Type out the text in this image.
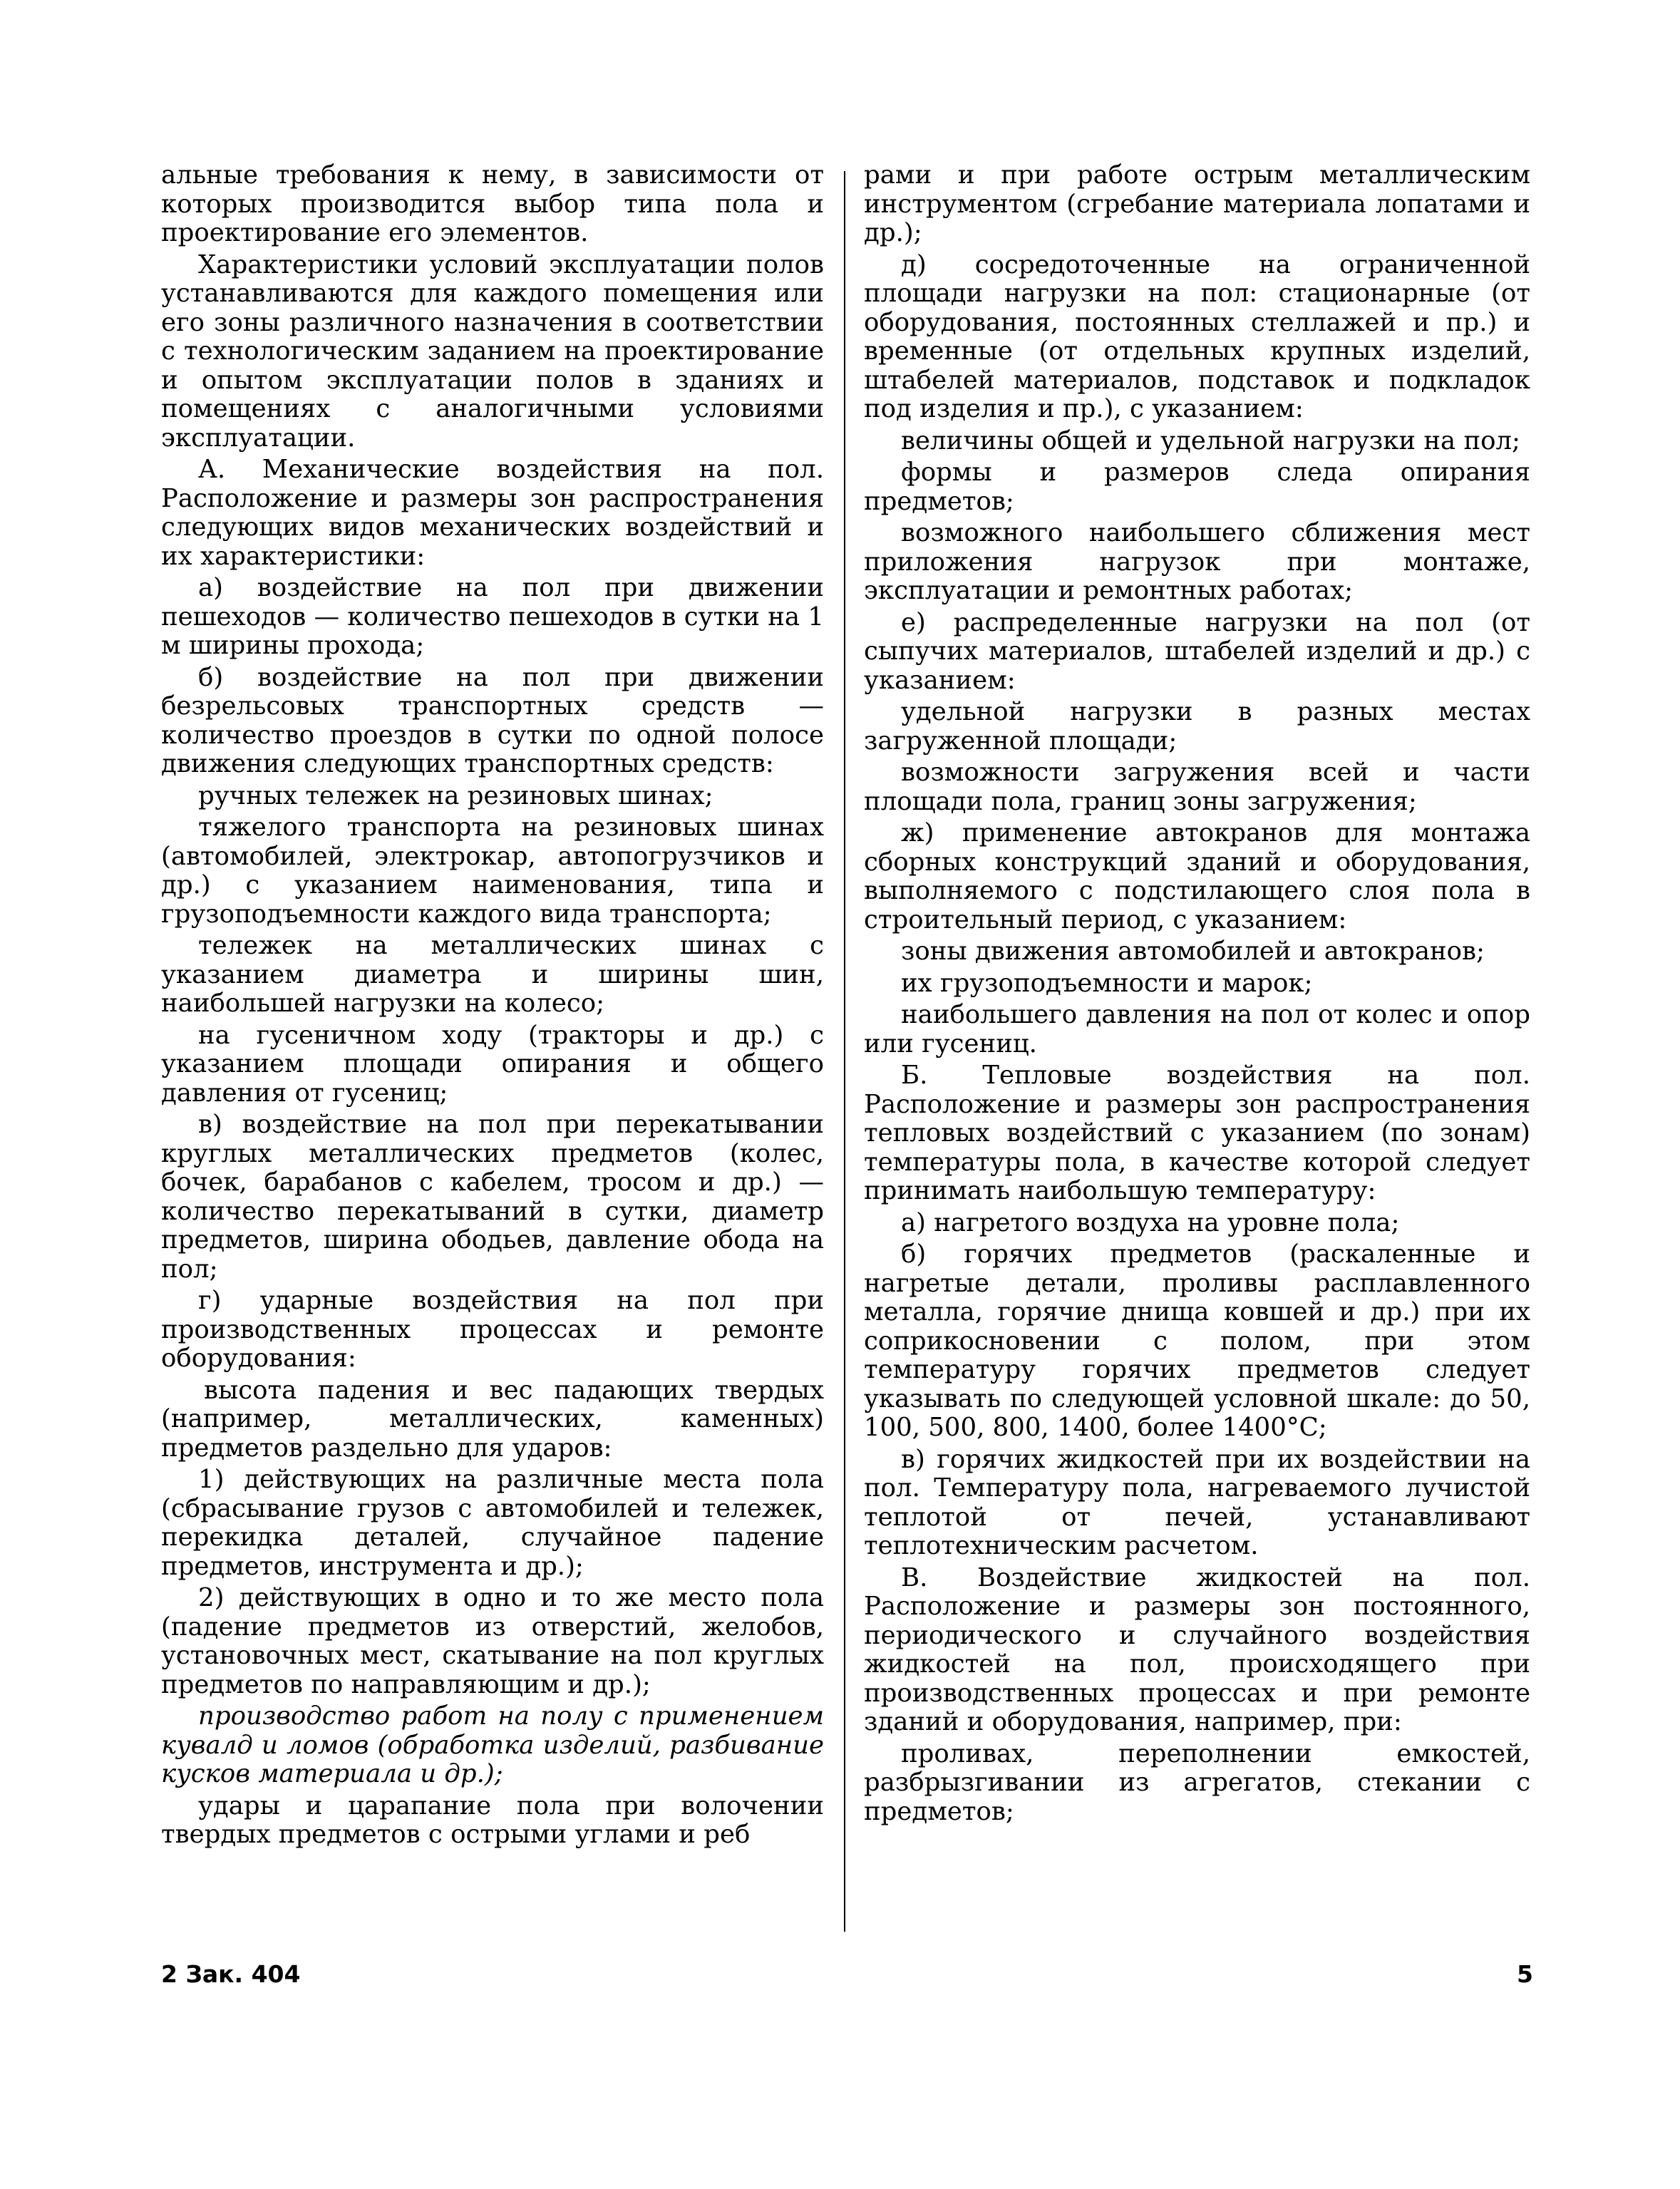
альные требования к нему, в зависимости от которых производится выбор типа пола и проектирование его элементов.

Характеристики условий эксплуатации полов устанавливаются для каждого помещения или его зоны различного назначения в соответствии с технологическим заданием на проектирование и опытом эксплуатации полов в зданиях и помещениях с аналогичными условиями эксплуатации.

А. Механические воздействия на пол. Расположение и размеры зон распространения следующих видов механических воздействий и их характеристики:

а) воздействие на пол при движении пешеходов — количество пешеходов в сутки на 1 м ширины прохода;

б) воздействие на пол при движении безрельсовых транспортных средств — количество проездов в сутки по одной полосе движения следующих транспортных средств:

ручных тележек на резиновых шинах;

тяжелого транспорта на резиновых шинах (автомобилей, электрокар, автопогрузчиков и др.) с указанием наименования, типа и грузоподъемности каждого вида транспорта;

тележек на металлических шинах с указанием диаметра и ширины шин, наибольшей нагрузки на колесо;

на гусеничном ходу (тракторы и др.) с указанием площади опирания и общего давления от гусениц;

в) воздействие на пол при перекатывании круглых металлических предметов (колес, бочек, барабанов с кабелем, тросом и др.) — количество перекатываний в сутки, диаметр предметов, ширина ободьев, давление обода на пол;

г) ударные воздействия на пол при производственных процессах и ремонте оборудования:

высота падения и вес падающих твердых (например, металлических, каменных) предметов раздельно для ударов:

1) действующих на различные места пола (сбрасывание грузов с автомобилей и тележек, перекидка деталей, случайное падение предметов, инструмента и др.);

2) действующих в одно и то же место пола (падение предметов из отверстий, желобов, установочных мест, скатывание на пол круглых предметов по направляющим и др.);

производство работ на полу с применением кувалд и ломов (обработка изделий, разбивание кусков материала и др.);

удары и царапание пола при волочении твердых предметов с острыми углами и реб

рами и при работе острым металлическим инструментом (сгребание материала лопатами и др.);

д) сосредоточенные на ограниченной площади нагрузки на пол: стационарные (от оборудования, постоянных стеллажей и пр.) и временные (от отдельных крупных изделий, штабелей материалов, подставок и подкладок под изделия и пр.), с указанием:

величины общей и удельной нагрузки на пол;

формы и размеров следа опирания предметов;

возможного наибольшего сближения мест приложения нагрузок при монтаже, эксплуатации и ремонтных работах;

е) распределенные нагрузки на пол (от сыпучих материалов, штабелей изделий и др.) с указанием:

удельной нагрузки в разных местах загруженной площади;

возможности загружения всей и части площади пола, границ зоны загружения;

ж) применение автокранов для монтажа сборных конструкций зданий и оборудования, выполняемого с подстилающего слоя пола в строительный период, с указанием:

зоны движения автомобилей и автокранов;

их грузоподъемности и марок;

наибольшего давления на пол от колес и опор или гусениц.

Б. Тепловые воздействия на пол. Расположение и размеры зон распространения тепловых воздействий с указанием (по зонам) температуры пола, в качестве которой следует принимать наибольшую температуру:

а) нагретого воздуха на уровне пола;

б) горячих предметов (раскаленные и нагретые детали, проливы расплавленного металла, горячие днища ковшей и др.) при их соприкосновении с полом, при этом температуру горячих предметов следует указывать по следующей условной шкале: до 50, 100, 500, 800, 1400, более 1400°С;

в) горячих жидкостей при их воздействии на пол. Температуру пола, нагреваемого лучистой теплотой от печей, устанавливают теплотехническим расчетом.

В. Воздействие жидкостей на пол. Расположение и размеры зон постоянного, периодического и случайного воздействия жидкостей на пол, происходящего при производственных процессах и при ремонте зданий и оборудования, например, при:

проливах, переполнении емкостей, разбрызгивании из агрегатов, стекании с предметов;

2 Зак. 404	5
